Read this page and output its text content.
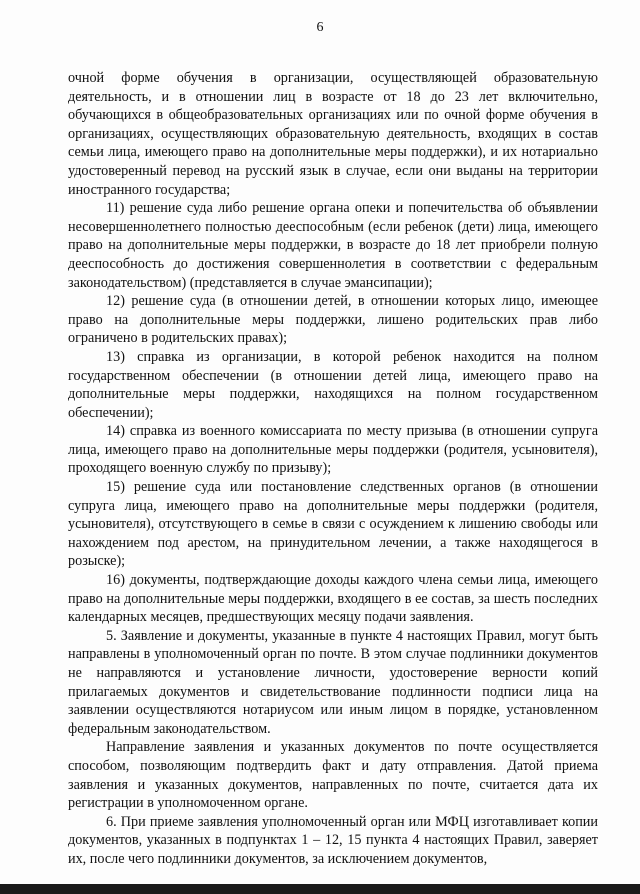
6

очной форме обучения в организации, осуществляющей образовательную деятельность, и в отношении лиц в возрасте от 18 до 23 лет включительно, обучающихся в общеобразовательных организациях или по очной форме обучения в организациях, осуществляющих образовательную деятельность, входящих в состав семьи лица, имеющего право на дополнительные меры поддержки), и их нотариально удостоверенный перевод на русский язык в случае, если они выданы на территории иностранного государства;

11) решение суда либо решение органа опеки и попечительства об объявлении несовершеннолетнего полностью дееспособным (если ребенок (дети) лица, имеющего право на дополнительные меры поддержки, в возрасте до 18 лет приобрели полную дееспособность до достижения совершеннолетия в соответствии с федеральным законодательством) (представляется в случае эмансипации);

12) решение суда (в отношении детей, в отношении которых лицо, имеющее право на дополнительные меры поддержки, лишено родительских прав либо ограничено в родительских правах);

13) справка из организации, в которой ребенок находится на полном государственном обеспечении (в отношении детей лица, имеющего право на дополнительные меры поддержки, находящихся на полном государственном обеспечении);

14) справка из военного комиссариата по месту призыва (в отношении супруга лица, имеющего право на дополнительные меры поддержки (родителя, усыновителя), проходящего военную службу по призыву);

15) решение суда или постановление следственных органов (в отношении супруга лица, имеющего право на дополнительные меры поддержки (родителя, усыновителя), отсутствующего в семье в связи с осуждением к лишению свободы или нахождением под арестом, на принудительном лечении, а также находящегося в розыске);

16) документы, подтверждающие доходы каждого члена семьи лица, имеющего право на дополнительные меры поддержки, входящего в ее состав, за шесть последних календарных месяцев, предшествующих месяцу подачи заявления.

5. Заявление и документы, указанные в пункте 4 настоящих Правил, могут быть направлены в уполномоченный орган по почте. В этом случае подлинники документов не направляются и установление личности, удостоверение верности копий прилагаемых документов и свидетельствование подлинности подписи лица на заявлении осуществляются нотариусом или иным лицом в порядке, установленном федеральным законодательством.

Направление заявления и указанных документов по почте осуществляется способом, позволяющим подтвердить факт и дату отправления. Датой приема заявления и указанных документов, направленных по почте, считается дата их регистрации в уполномоченном органе.

6. При приеме заявления уполномоченный орган или МФЦ изготавливает копии документов, указанных в подпунктах 1 – 12, 15 пункта 4 настоящих Правил, заверяет их, после чего подлинники документов, за исключением документов,
